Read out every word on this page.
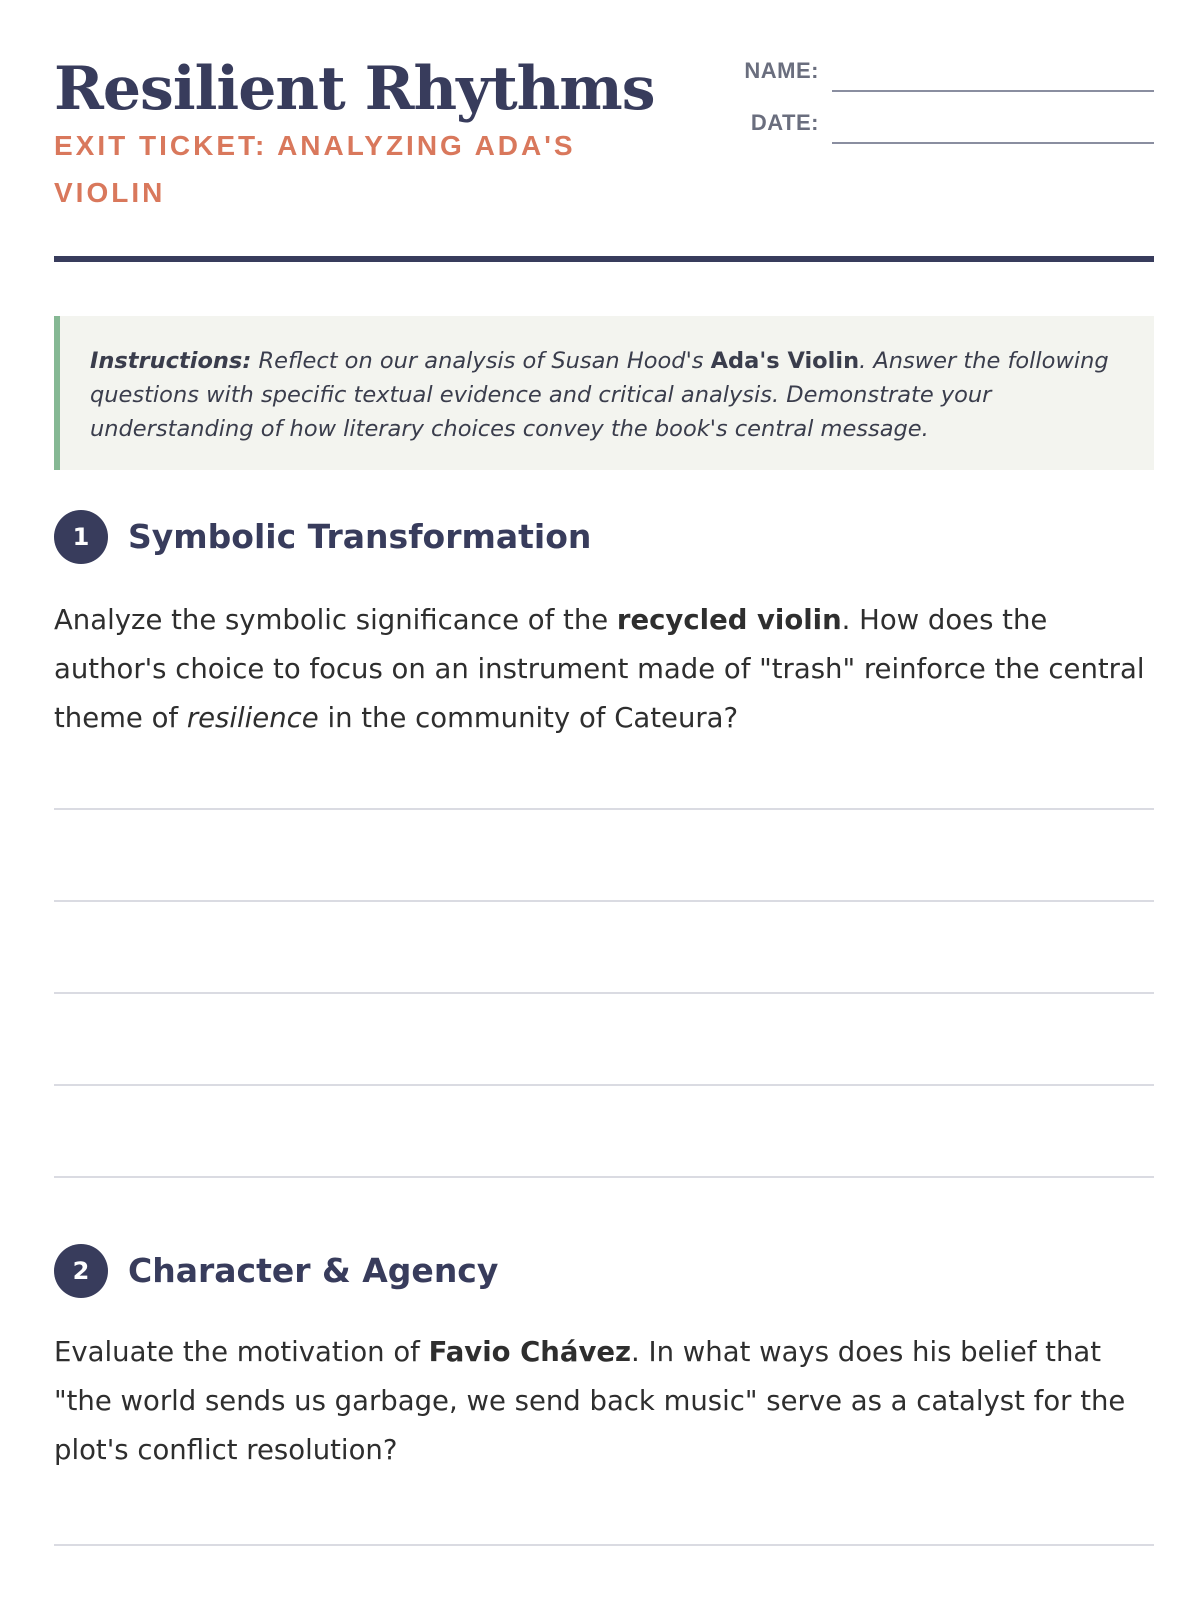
Resilient Rhythms
EXIT TICKET: ANALYZING ADA'S VIOLIN
NAME:
DATE:
Instructions: Reflect on our analysis of Susan Hood's Ada's Violin. Answer the following questions with specific textual evidence and critical analysis. Demonstrate your understanding of how literary choices convey the book's central message.
1	Symbolic Transformation
Analyze the symbolic significance of the recycled violin. How does the author's choice to focus on an instrument made of "trash" reinforce the central theme of resilience in the community of Cateura?
2	Character & Agency
Evaluate the motivation of Favio Chávez. In what ways does his belief that "the world sends us garbage, we send back music" serve as a catalyst for the plot's conflict resolution?
